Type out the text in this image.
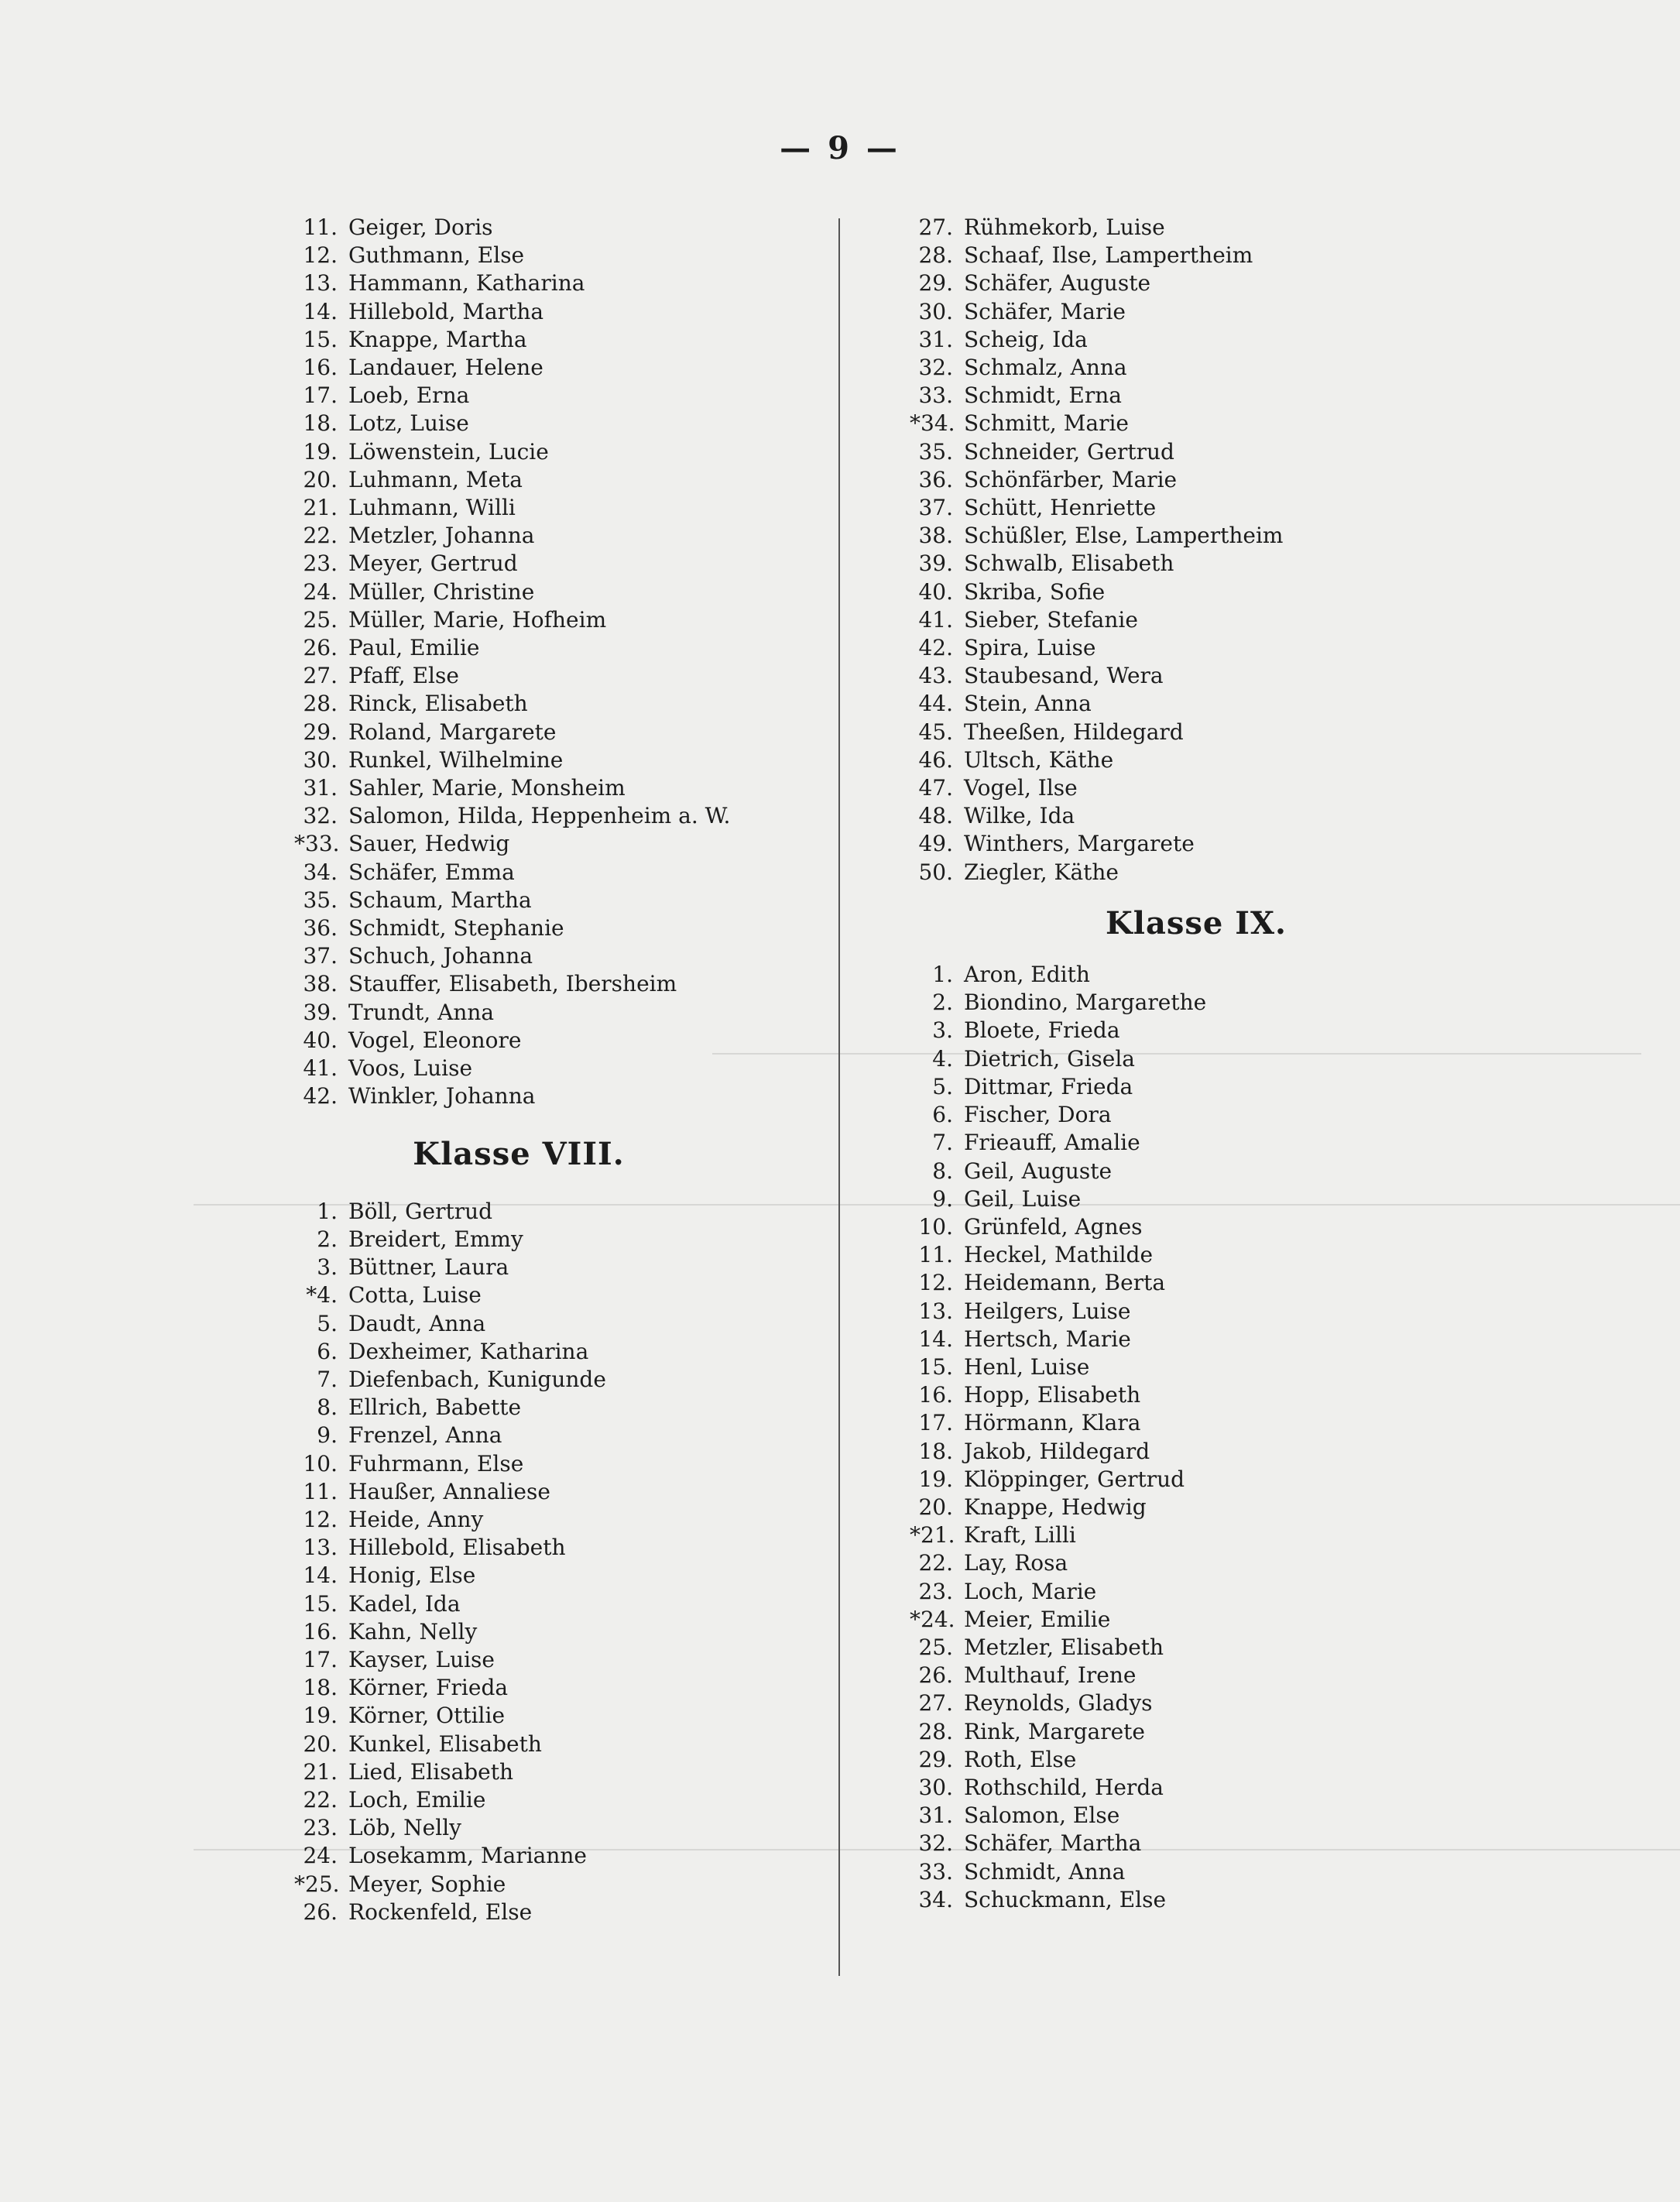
— 9 —
11. Geiger, Doris
12. Guthmann, Else
13. Hammann, Katharina
14. Hillebold, Martha
15. Knappe, Martha
16. Landauer, Helene
17. Loeb, Erna
18. Lotz, Luise
19. Löwenstein, Lucie
20. Luhmann, Meta
21. Luhmann, Willi
22. Metzler, Johanna
23. Meyer, Gertrud
24. Müller, Christine
25. Müller, Marie, Hofheim
26. Paul, Emilie
27. Pfaff, Else
28. Rinck, Elisabeth
29. Roland, Margarete
30. Runkel, Wilhelmine
31. Sahler, Marie, Monsheim
32. Salomon, Hilda, Heppenheim a. W.
*33. Sauer, Hedwig
34. Schäfer, Emma
35. Schaum, Martha
36. Schmidt, Stephanie
37. Schuch, Johanna
38. Stauffer, Elisabeth, Ibersheim
39. Trundt, Anna
40. Vogel, Eleonore
41. Voos, Luise
42. Winkler, Johanna
Klasse VIII.
1. Böll, Gertrud
2. Breidert, Emmy
3. Büttner, Laura
*4. Cotta, Luise
5. Daudt, Anna
6. Dexheimer, Katharina
7. Diefenbach, Kunigunde
8. Ellrich, Babette
9. Frenzel, Anna
10. Fuhrmann, Else
11. Haußer, Annaliese
12. Heide, Anny
13. Hillebold, Elisabeth
14. Honig, Else
15. Kadel, Ida
16. Kahn, Nelly
17. Kayser, Luise
18. Körner, Frieda
19. Körner, Ottilie
20. Kunkel, Elisabeth
21. Lied, Elisabeth
22. Loch, Emilie
23. Löb, Nelly
24. Losekamm, Marianne
*25. Meyer, Sophie
26. Rockenfeld, Else
27. Rühmekorb, Luise
28. Schaaf, Ilse, Lampertheim
29. Schäfer, Auguste
30. Schäfer, Marie
31. Scheig, Ida
32. Schmalz, Anna
33. Schmidt, Erna
*34. Schmitt, Marie
35. Schneider, Gertrud
36. Schönfärber, Marie
37. Schütt, Henriette
38. Schüßler, Else, Lampertheim
39. Schwalb, Elisabeth
40. Skriba, Sofie
41. Sieber, Stefanie
42. Spira, Luise
43. Staubesand, Wera
44. Stein, Anna
45. Theeßen, Hildegard
46. Ultsch, Käthe
47. Vogel, Ilse
48. Wilke, Ida
49. Winthers, Margarete
50. Ziegler, Käthe
Klasse IX.
1. Aron, Edith
2. Biondino, Margarethe
3. Bloete, Frieda
4. Dietrich, Gisela
5. Dittmar, Frieda
6. Fischer, Dora
7. Frieauff, Amalie
8. Geil, Auguste
9. Geil, Luise
10. Grünfeld, Agnes
11. Heckel, Mathilde
12. Heidemann, Berta
13. Heilgers, Luise
14. Hertsch, Marie
15. Henl, Luise
16. Hopp, Elisabeth
17. Hörmann, Klara
18. Jakob, Hildegard
19. Klöppinger, Gertrud
20. Knappe, Hedwig
*21. Kraft, Lilli
22. Lay, Rosa
23. Loch, Marie
*24. Meier, Emilie
25. Metzler, Elisabeth
26. Multhauf, Irene
27. Reynolds, Gladys
28. Rink, Margarete
29. Roth, Else
30. Rothschild, Herda
31. Salomon, Else
32. Schäfer, Martha
33. Schmidt, Anna
34. Schuckmann, Else
